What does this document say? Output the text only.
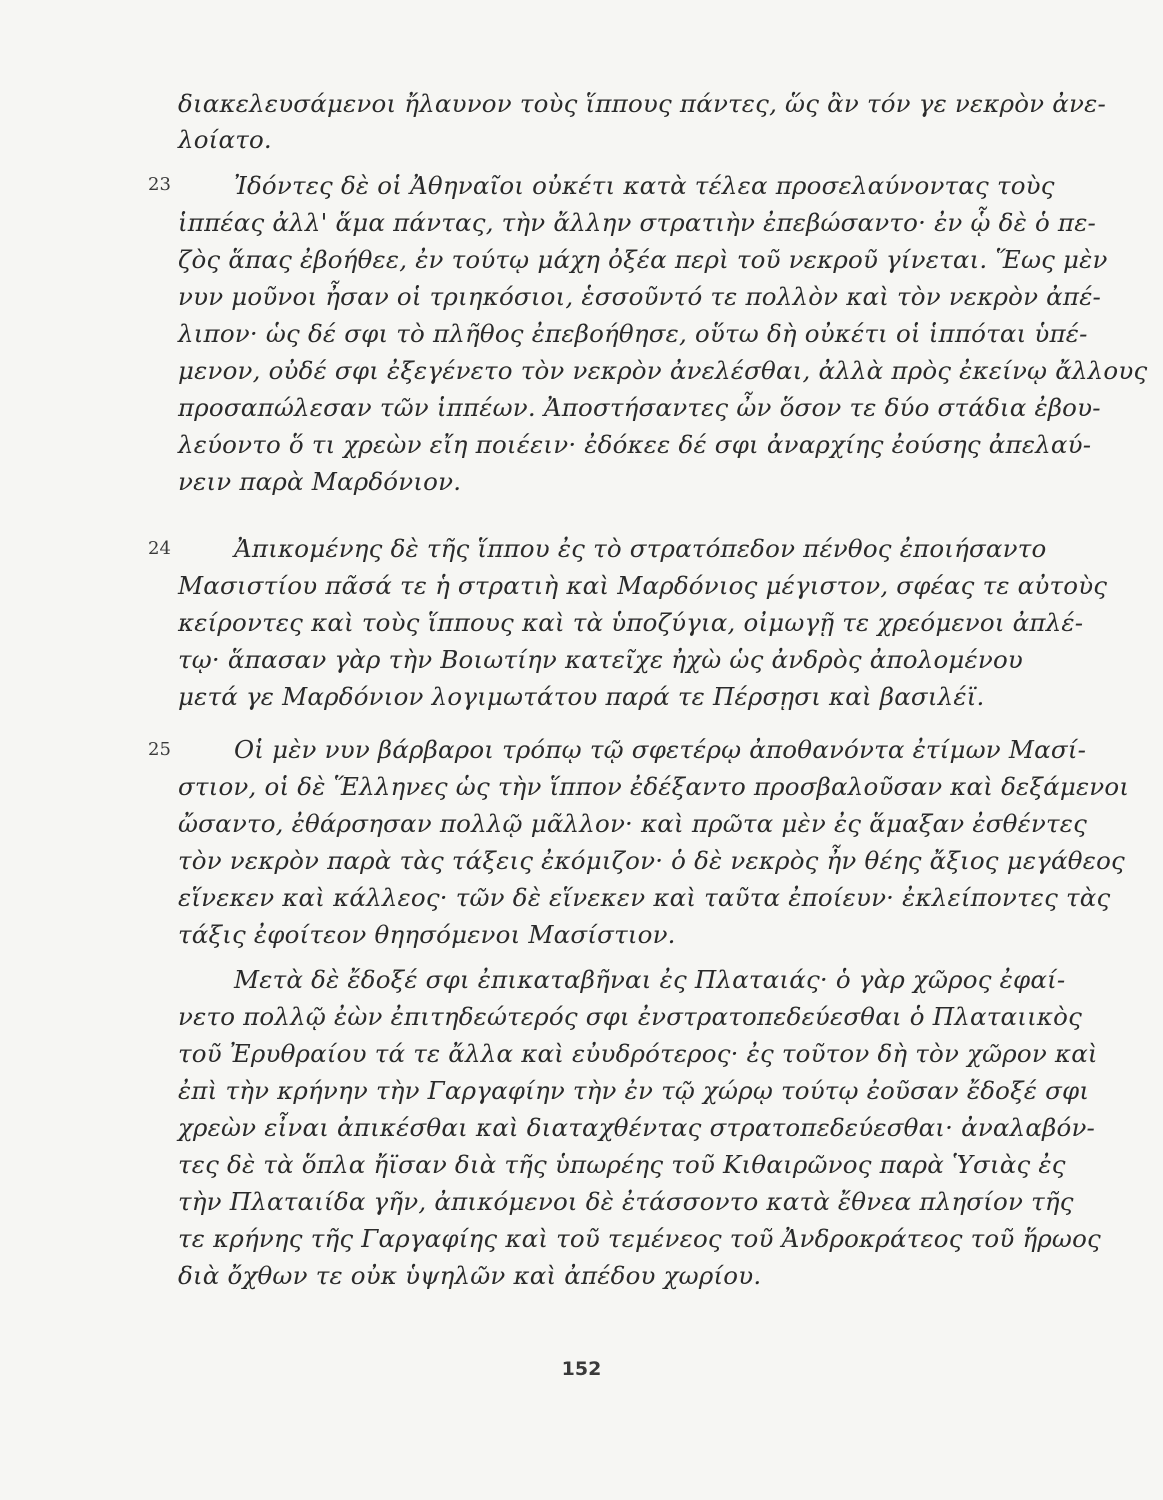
23
24
25
διακελευσάμενοι ἤλαυνον τοὺς ἵππους πάντες, ὥς ἂν τόν γε νεκρὸν ἀνε-
λοίατο.
Ἰδόντες δὲ οἱ Ἀθηναῖοι οὐκέτι κατὰ τέλεα προσελαύνοντας τοὺς
ἱππέας ἀλλ' ἅμα πάντας, τὴν ἄλλην στρατιὴν ἐπεβώσαντο· ἐν ᾧ δὲ ὁ πε-
ζὸς ἅπας ἐβοήθεε, ἐν τούτῳ μάχη ὀξέα περὶ τοῦ νεκροῦ γίνεται. Ἕως μὲν
νυν μοῦνοι ἦσαν οἱ τριηκόσιοι, ἑσσοῦντό τε πολλὸν καὶ τὸν νεκρὸν ἀπέ-
λιπον· ὡς δέ σφι τὸ πλῆθος ἐπεβοήθησε, οὕτω δὴ οὐκέτι οἱ ἱππόται ὑπέ-
μενον, οὐδέ σφι ἐξεγένετο τὸν νεκρὸν ἀνελέσθαι, ἀλλὰ πρὸς ἐκείνῳ ἄλλους
προσαπώλεσαν τῶν ἱππέων. Ἀποστήσαντες ὦν ὅσον τε δύο στάδια ἐβου-
λεύοντο ὅ τι χρεὼν εἴη ποιέειν· ἐδόκεε δέ σφι ἀναρχίης ἐούσης ἀπελαύ-
νειν παρὰ Μαρδόνιον.
Ἀπικομένης δὲ τῆς ἵππου ἐς τὸ στρατόπεδον πένθος ἐποιήσαντο
Μασιστίου πᾶσά τε ἡ στρατιὴ καὶ Μαρδόνιος μέγιστον, σφέας τε αὐτοὺς
κείροντες καὶ τοὺς ἵππους καὶ τὰ ὑποζύγια, οἰμωγῇ τε χρεόμενοι ἀπλέ-
τῳ· ἅπασαν γὰρ τὴν Βοιωτίην κατεῖχε ἠχὼ ὡς ἀνδρὸς ἀπολομένου
μετά γε Μαρδόνιον λογιμωτάτου παρά τε Πέρσῃσι καὶ βασιλέϊ.
Οἱ μὲν νυν βάρβαροι τρόπῳ τῷ σφετέρῳ ἀποθανόντα ἐτίμων Μασί-
στιον, οἱ δὲ Ἕλληνες ὡς τὴν ἵππον ἐδέξαντο προσβαλοῦσαν καὶ δεξάμενοι
ὤσαντο, ἐθάρσησαν πολλῷ μᾶλλον· καὶ πρῶτα μὲν ἐς ἅμαξαν ἐσθέντες
τὸν νεκρὸν παρὰ τὰς τάξεις ἐκόμιζον· ὁ δὲ νεκρὸς ἦν θέης ἄξιος μεγάθεος
εἵνεκεν καὶ κάλλεος· τῶν δὲ εἵνεκεν καὶ ταῦτα ἐποίευν· ἐκλείποντες τὰς
τάξις ἐφοίτεον θηησόμενοι Μασίστιον.
Μετὰ δὲ ἔδοξέ σφι ἐπικαταβῆναι ἐς Πλαταιάς· ὁ γὰρ χῶρος ἐφαί-
νετο πολλῷ ἐὼν ἐπιτηδεώτερός σφι ἐνστρατοπεδεύεσθαι ὁ Πλαταιικὸς
τοῦ Ἐρυθραίου τά τε ἄλλα καὶ εὐυδρότερος· ἐς τοῦτον δὴ τὸν χῶρον καὶ
ἐπὶ τὴν κρήνην τὴν Γαργαφίην τὴν ἐν τῷ χώρῳ τούτῳ ἐοῦσαν ἔδοξέ σφι
χρεὼν εἶναι ἀπικέσθαι καὶ διαταχθέντας στρατοπεδεύεσθαι· ἀναλαβόν-
τες δὲ τὰ ὅπλα ἤϊσαν διὰ τῆς ὑπωρέης τοῦ Κιθαιρῶνος παρὰ Ὑσιὰς ἐς
τὴν Πλαταιίδα γῆν, ἀπικόμενοι δὲ ἐτάσσοντο κατὰ ἔθνεα πλησίον τῆς
τε κρήνης τῆς Γαργαφίης καὶ τοῦ τεμένεος τοῦ Ἀνδροκράτεος τοῦ ἥρωος
διὰ ὄχθων τε οὐκ ὑψηλῶν καὶ ἀπέδου χωρίου.
152
